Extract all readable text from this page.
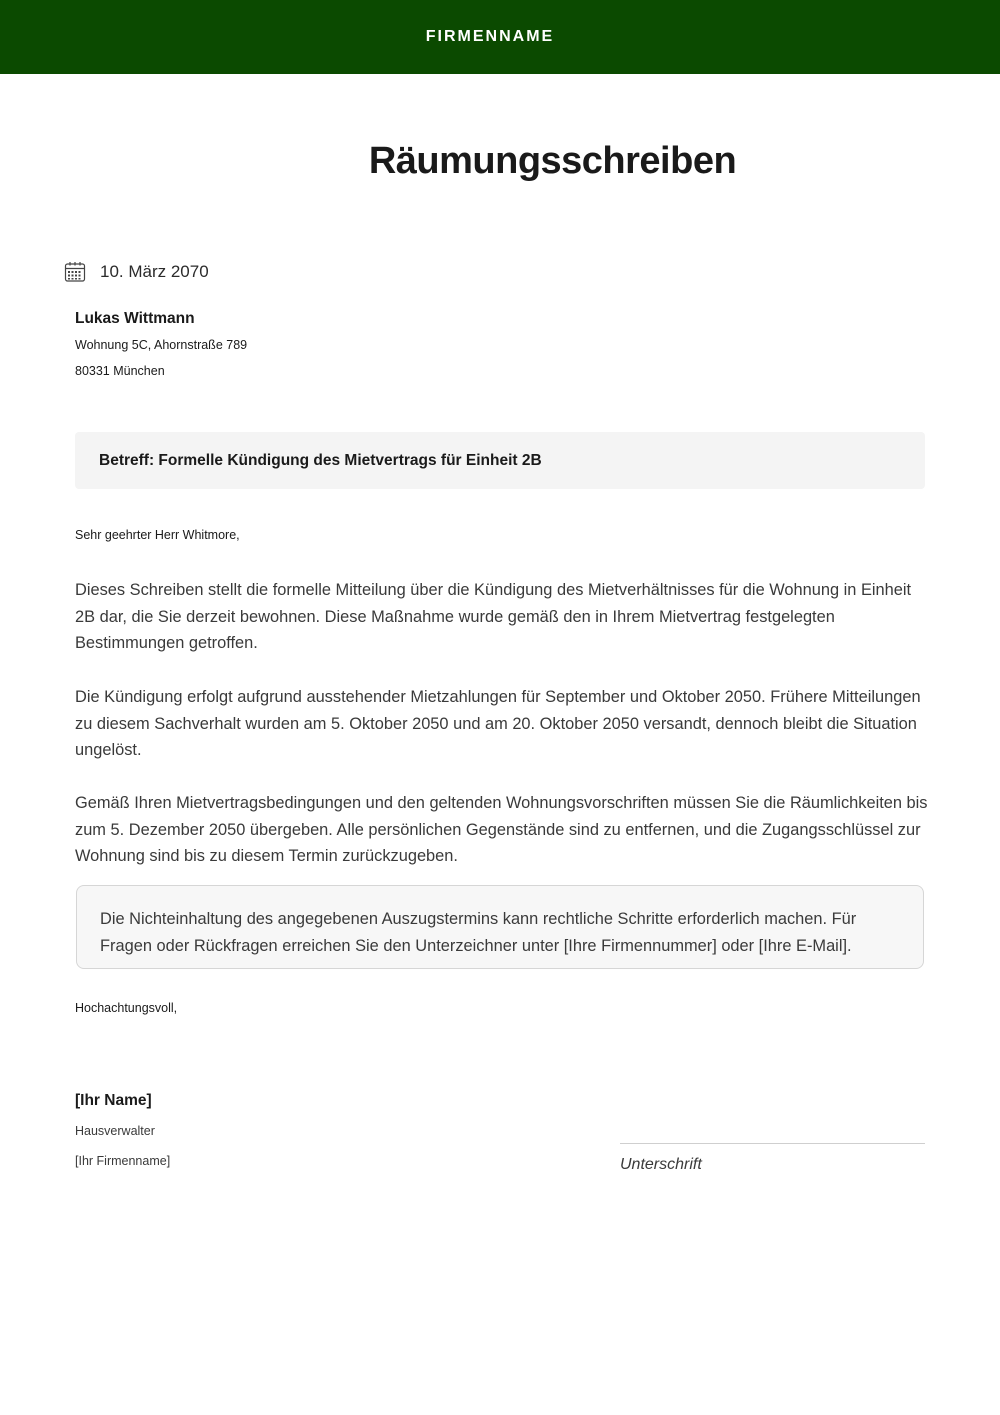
FIRMENNAME
Räumungsschreiben
10. März 2070
Lukas Wittmann
Wohnung 5C, Ahornstraße 789
80331 München
Betreff: Formelle Kündigung des Mietvertrags für Einheit 2B
Sehr geehrter Herr Whitmore,

Dieses Schreiben stellt die formelle Mitteilung über die Kündigung des Mietverhältnisses für die Wohnung in Einheit 2B dar, die Sie derzeit bewohnen. Diese Maßnahme wurde gemäß den in Ihrem Mietvertrag festgelegten Bestimmungen getroffen.

Die Kündigung erfolgt aufgrund ausstehender Mietzahlungen für September und Oktober 2050. Frühere Mitteilungen zu diesem Sachverhalt wurden am 5. Oktober 2050 und am 20. Oktober 2050 versandt, dennoch bleibt die Situation ungelöst.

Gemäß Ihren Mietvertragsbedingungen und den geltenden Wohnungsvorschriften müssen Sie die Räumlichkeiten bis zum 5. Dezember 2050 übergeben. Alle persönlichen Gegenstände sind zu entfernen, und die Zugangsschlüssel zur Wohnung sind bis zu diesem Termin zurückzugeben.

Die Nichteinhaltung des angegebenen Auszugstermins kann rechtliche Schritte erforderlich machen. Für Fragen oder Rückfragen erreichen Sie den Unterzeichner unter [Ihre Firmennummer] oder [Ihre E-Mail].

Hochachtungsvoll,
[Ihr Name]
Hausverwalter
[Ihr Firmenname]	Unterschrift
